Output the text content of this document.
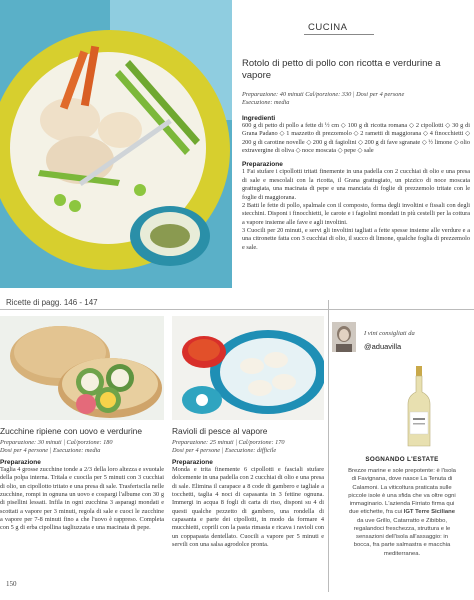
CUCINA
Rotolo di petto di pollo con ricotta e verdurine a vapore
Preparazione: 40 minuti Cal/porzione: 330 | Dosi per 4 persone
Esecuzione: media
Ingredienti
600 g di petto di pollo a fette di ½ cm ◇ 100 g di ricotta romana ◇ 2 cipollotti ◇ 30 g di Grana Padano ◇ 1 mazzetto di prezzemolo ◇ 2 rametti di maggiorana ◇ 4 finocchietti ◇ 200 g di carotine novelle ◇ 200 g di fagiolini ◇ 200 g di fave sgranate ◇ ½ limone ◇ olio extravergine di oliva ◇ noce moscata ◇ pepe ◇ sale
Preparazione
1 Fai stufare i cipollotti tritati finemente in una padella con 2 cucchiai di olio e una presa di sale e mescolali con la ricotta, il Grana grattugiato, un pizzico di noce moscata grattugiata, una macinata di pepe e una manciata di foglie di prezzemolo tritate con le foglie di maggiorana.
2 Batti le fette di pollo, spalmale con il composto, forma degli involtini e fissali con degli stecchini. Disponi i finocchietti, le carote e i fagiolini mondati in più cestelli per la cottura a vapore insieme alle fave e agli involtini.
3 Cuocili per 20 minuti, e servi gli involtini tagliati a fette spesse insieme alle verdure e a una citronette fatta con 3 cucchiai di olio, il succo di limone, qualche foglia di prezzemolo e sale.
Ricette di pagg. 146 - 147
Zucchine ripiene con uovo e verdurine
Preparazione: 30 minuti | Cal/porzione: 180
Dosi per 4 persone | Esecuzione: media
Preparazione
Taglia 4 grosse zucchine tonde a 2/3 della loro altezza e svuotale della polpa interna. Tritala e cuocila per 5 minuti con 3 cucchiai di olio, un cipollotto tritato e una presa di sale. Trasferiscila nelle zucchine, rompi in ognuna un uovo e cospargi l'albume con 30 g di pisellini lessati. Infila in ogni zucchina 3 asparagi mondati e scottati a vapore per 3 minuti, regola di sale e cuoci le zucchine a vapore per 7-8 minuti fino a che l'uovo è rappreso. Completa con 5 g di erba cipollina tagliuzzata e una macinata di pepe.
Ravioli di pesce al vapore
Preparazione: 25 minuti | Cal/porzione: 170
Dosi per 4 persone | Esecuzione: difficile
Preparazione
Monda e trita finemente 6 cipollotti e fasciali stufare dolcemente in una padella con 2 cucchiai di olio e una presa di sale. Elimina il carapace a 8 code di gambero e tagliale a tocchetti, taglia 4 noci di capasanta in 3 fettine ognuna. Immergi in acqua 8 fogli di carta di riso, disponi su 4 di questi qualche pezzetto di gambero, una rondella di capasanta e parte dei cipollotti, in modo da formare 4 mucchietti, coprili con la pasta rimasta e ricava i ravioli con un coppapasta dentellato. Cuocili a vapore per 5 minuti e servili con una salsa agrodolce pronta.
I vini consigliati da
@aduavilla
SOGNANDO L'ESTATE
Brezze marine e sole prepotente: è l'isola di Favignana, dove nasce La Tenuta di Calamoni. La viticoltura praticata sulle piccole isole è una sfida che va oltre ogni immaginario. L'azienda Firriato firma qui due etichette, fra cui IGT Terre Siciliane da uve Grillo, Catarratto e Zibibbo, regalandoci freschezza, struttura e le sensazioni dell'isola all'assaggio: in bocca, fra parte salmastra e macchia mediterranea.
150
